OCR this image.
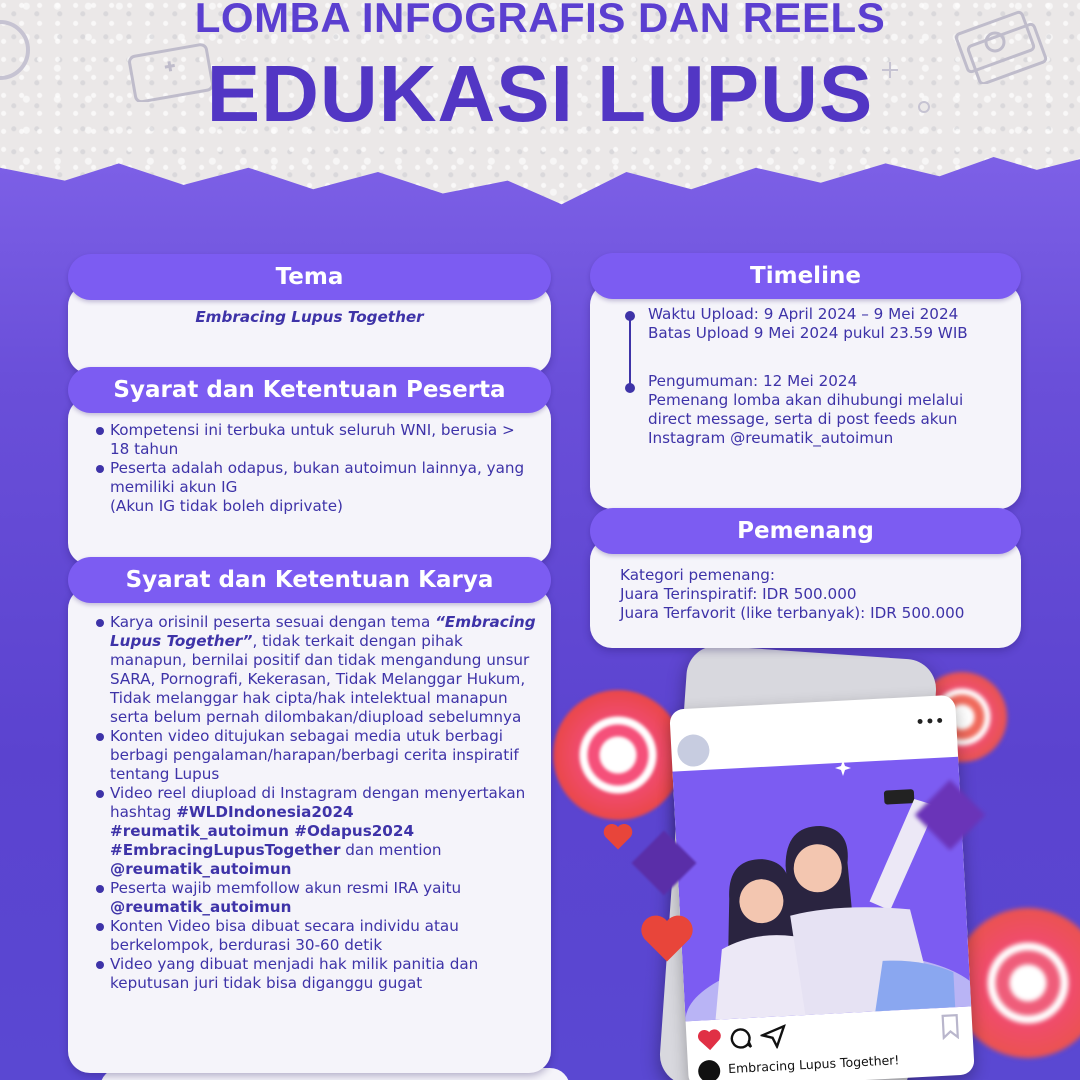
LOMBA INFOGRAFIS DAN REELS
EDUKASI LUPUS
Tema
Embracing Lupus Together
Syarat dan Ketentuan Peserta
Kompetensi ini terbuka untuk seluruh WNI, berusia > 18 tahun
Peserta adalah odapus, bukan autoimun lainnya, yang memiliki akun IG
(Akun IG tidak boleh diprivate)
Syarat dan Ketentuan Karya
Karya orisinil peserta sesuai dengan tema “Embracing Lupus Together”, tidak terkait dengan pihak manapun, bernilai positif dan tidak mengandung unsur SARA, Pornografi, Kekerasan, Tidak Melanggar Hukum, Tidak melanggar hak cipta/hak intelektual manapun serta belum pernah dilombakan/diupload sebelumnya
Konten video ditujukan sebagai media utuk berbagi berbagi pengalaman/harapan/berbagi cerita inspiratif tentang Lupus
Video reel diupload di Instagram dengan menyertakan hashtag #WLDIndonesia2024 #reumatik_autoimun #Odapus2024 #EmbracingLupusTogether dan mention @reumatik_autoimun
Peserta wajib memfollow akun resmi IRA yaitu @reumatik_autoimun
Konten Video bisa dibuat secara individu atau berkelompok, berdurasi 30-60 detik
Video yang dibuat menjadi hak milik panitia dan keputusan juri tidak bisa diganggu gugat
Timeline
Waktu Upload: 9 April 2024 – 9 Mei 2024
Batas Upload 9 Mei 2024 pukul 23.59 WIB
Pengumuman: 12 Mei 2024
Pemenang lomba akan dihubungi melalui direct message, serta di post feeds akun Instagram @reumatik_autoimun
Pemenang
Kategori pemenang:
Juara Terinspiratif: IDR 500.000
Juara Terfavorit (like terbanyak): IDR 500.000
• • •
Embracing Lupus Together!
